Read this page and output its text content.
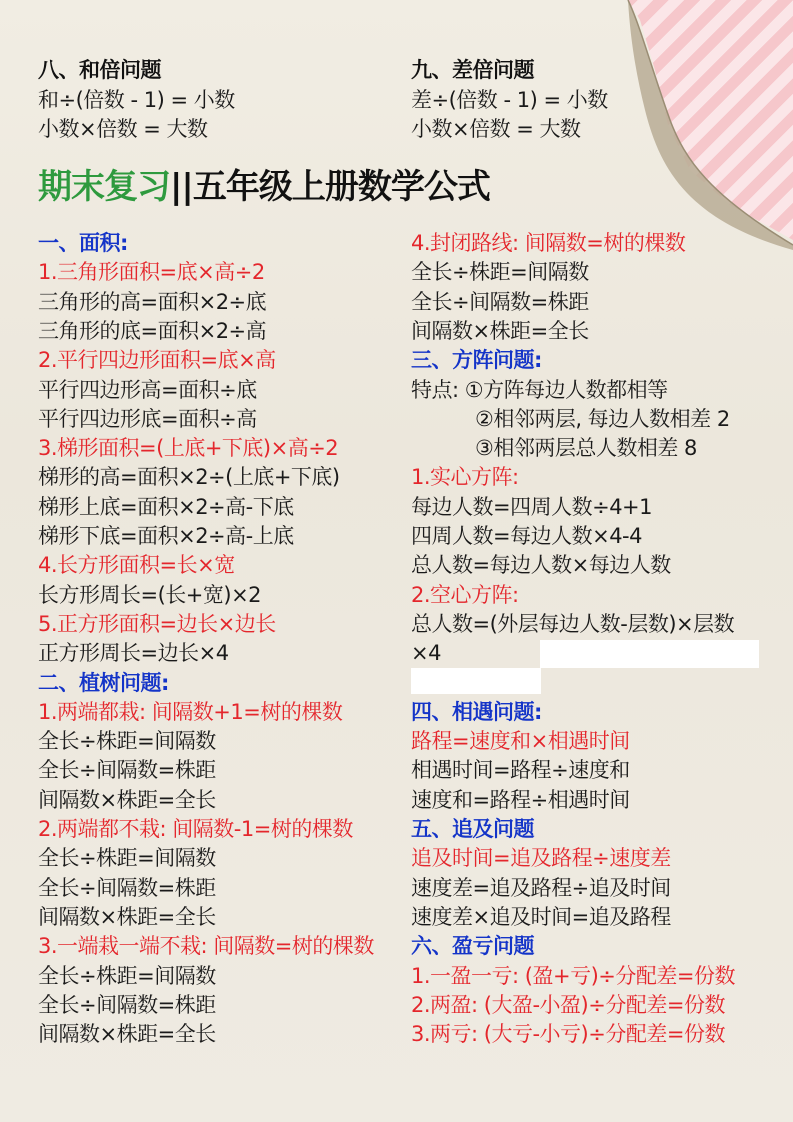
八、和倍问题
和÷(倍数 - 1) = 小数
小数×倍数 = 大数
九、差倍问题
差÷(倍数 - 1) = 小数
小数×倍数 = 大数
期末复习||五年级上册数学公式
一、面积:
1.三角形面积=底×高÷2
三角形的高=面积×2÷底
三角形的底=面积×2÷高
2.平行四边形面积=底×高
平行四边形高=面积÷底
平行四边形底=面积÷高
3.梯形面积=(上底+下底)×高÷2
梯形的高=面积×2÷(上底+下底)
梯形上底=面积×2÷高-下底
梯形下底=面积×2÷高-上底
4.长方形面积=长×宽
长方形周长=(长+宽)×2
5.正方形面积=边长×边长
正方形周长=边长×4
二、植树问题:
1.两端都栽: 间隔数+1=树的棵数
全长÷株距=间隔数
全长÷间隔数=株距
间隔数×株距=全长
2.两端都不栽: 间隔数-1=树的棵数
全长÷株距=间隔数
全长÷间隔数=株距
间隔数×株距=全长
3.一端栽一端不栽: 间隔数=树的棵数
全长÷株距=间隔数
全长÷间隔数=株距
间隔数×株距=全长
4.封闭路线: 间隔数=树的棵数
全长÷株距=间隔数
全长÷间隔数=株距
间隔数×株距=全长
三、方阵问题:
特点: ①方阵每边人数都相等
②相邻两层, 每边人数相差 2
③相邻两层总人数相差 8
1.实心方阵:
每边人数=四周人数÷4+1
四周人数=每边人数×4-4
总人数=每边人数×每边人数
2.空心方阵:
总人数=(外层每边人数-层数)×层数
×4
四、相遇问题:
路程=速度和×相遇时间
相遇时间=路程÷速度和
速度和=路程÷相遇时间
五、追及问题
追及时间=追及路程÷速度差
速度差=追及路程÷追及时间
速度差×追及时间=追及路程
六、盈亏问题
1.一盈一亏: (盈+亏)÷分配差=份数
2.两盈: (大盈-小盈)÷分配差=份数
3.两亏: (大亏-小亏)÷分配差=份数
